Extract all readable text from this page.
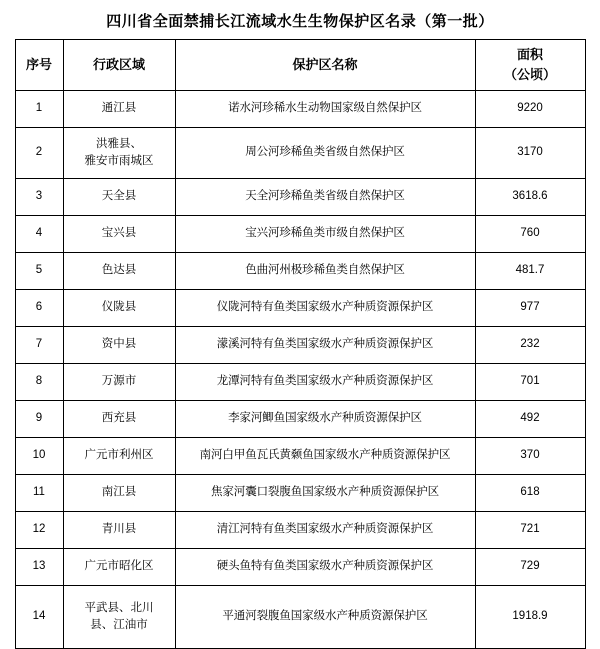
四川省全面禁捕长江流域水生生物保护区名录（第一批）
序号	行政区域	保护区名称	面积
（公顷）

1	通江县	诺水河珍稀水生动物国家级自然保护区	9220
2	洪雅县、
雅安市雨城区	周公河珍稀鱼类省级自然保护区	3170
3	天全县	天全河珍稀鱼类省级自然保护区	3618.6
4	宝兴县	宝兴河珍稀鱼类市级自然保护区	760
5	色达县	色曲河州极珍稀鱼类自然保护区	481.7
6	仪陇县	仪陇河特有鱼类国家级水产种质资源保护区	977
7	资中县	濛溪河特有鱼类国家级水产种质资源保护区	232
8	万源市	龙潭河特有鱼类国家级水产种质资源保护区	701
9	西充县	李家河鲫鱼国家级水产种质资源保护区	492
10	广元市利州区	南河白甲鱼瓦氏黄颡鱼国家级水产种质资源保护区	370
11	南江县	焦家河囊口裂腹鱼国家级水产种质资源保护区	618
12	青川县	清江河特有鱼类国家级水产种质资源保护区	721
13	广元市昭化区	硬头鱼特有鱼类国家级水产种质资源保护区	729
14	平武县、北川
县、江油市	平通河裂腹鱼国家级水产种质资源保护区	1918.9
